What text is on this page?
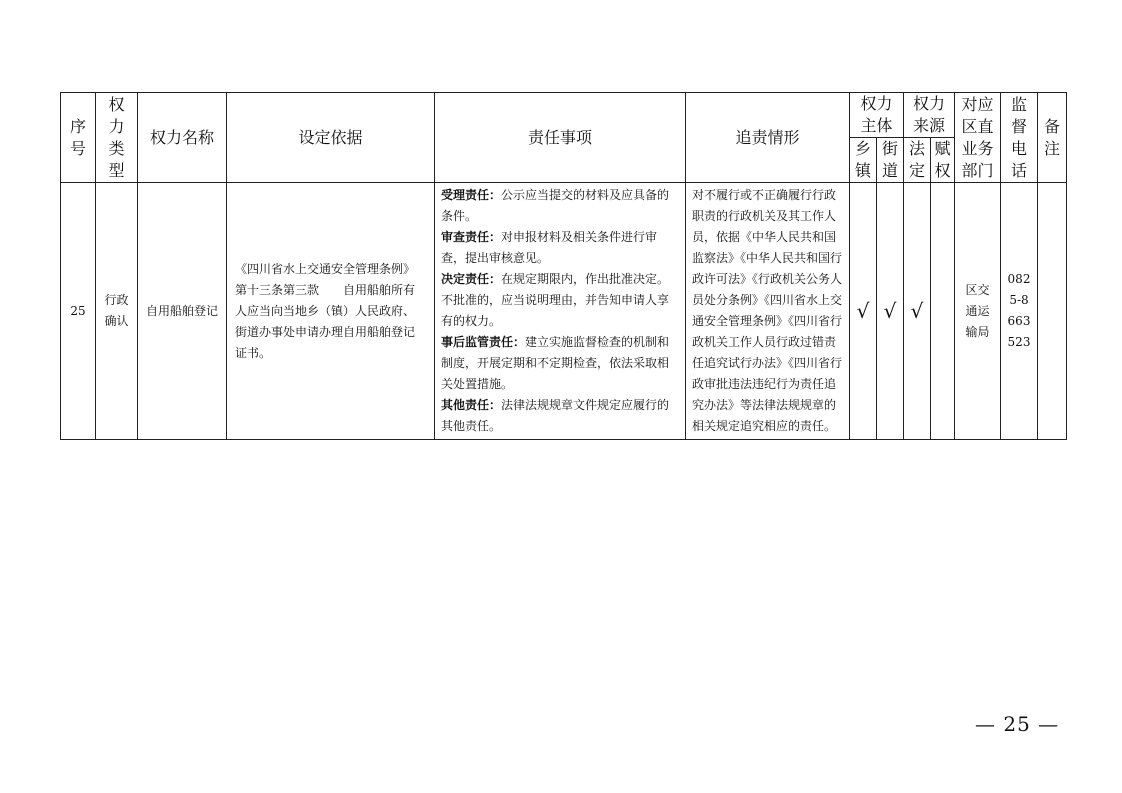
序号	权力类型	权力名称	设定依据	责任事项	追责情形	权力主体		权力来源		对应区直业务部门	监督电话	备注
						乡镇	街道	法定	赋权			
25	行政确认	自用船舶登记	《四川省水上交通安全管理条例》第十三条第三款　　自用船舶所有人应当向当地乡（镇）人民政府、街道办事处申请办理自用船舶登记证书。	受理责任：公示应当提交的材料及应具备的条件。
审查责任：对申报材料及相关条件进行审查，提出审核意见。
决定责任：在规定期限内，作出批准决定。不批准的，应当说明理由，并告知申请人享有的权力。
事后监管责任：建立实施监督检查的机制和制度，开展定期和不定期检查，依法采取相关处置措施。
其他责任：法律法规规章文件规定应履行的其他责任。	对不履行或不正确履行行政职责的行政机关及其工作人员，依据《中华人民共和国监察法》《中华人民共和国行政许可法》《行政机关公务人员处分条例》《四川省水上交通安全管理条例》《四川省行政机关工作人员行政过错责任追究试行办法》《四川省行政审批违法违纪行为责任追究办法》等法律法规规章的相关规定追究相应的责任。	√	√	√		区交通运输局	0825-8663523	
— 25 —
